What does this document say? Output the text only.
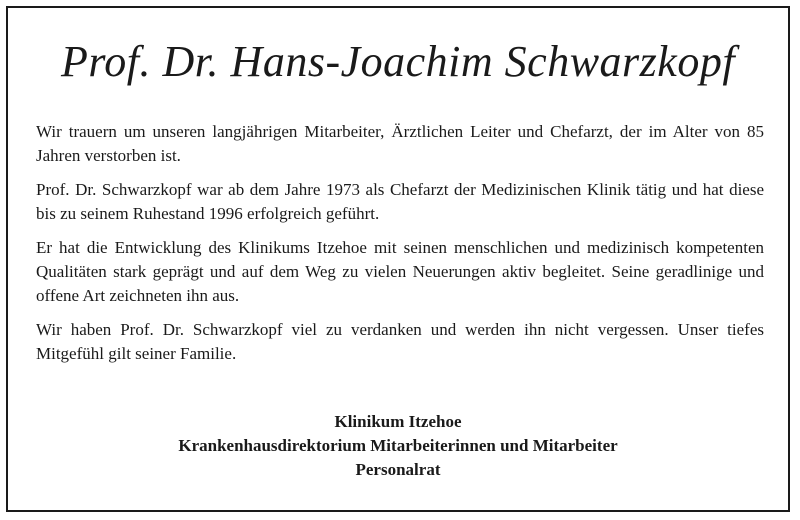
Prof. Dr. Hans-Joachim Schwarzkopf

Wir trauern um unseren langjährigen Mitarbeiter, Ärztlichen Leiter und Chefarzt, der im Alter von 85 Jahren verstorben ist.

Prof. Dr. Schwarzkopf war ab dem Jahre 1973 als Chefarzt der Medizinischen Klinik tätig und hat diese bis zu seinem Ruhestand 1996 erfolgreich geführt.

Er hat die Entwicklung des Klinikums Itzehoe mit seinen menschlichen und medizinisch kompetenten Qualitäten stark geprägt und auf dem Weg zu vielen Neuerungen aktiv begleitet. Seine geradlinige und offene Art zeichneten ihn aus.

Wir haben Prof. Dr. Schwarzkopf viel zu verdanken und werden ihn nicht vergessen. Unser tiefes Mitgefühl gilt seiner Familie.

Klinikum Itzehoe
Krankenhausdirektorium Mitarbeiterinnen und Mitarbeiter
Personalrat
